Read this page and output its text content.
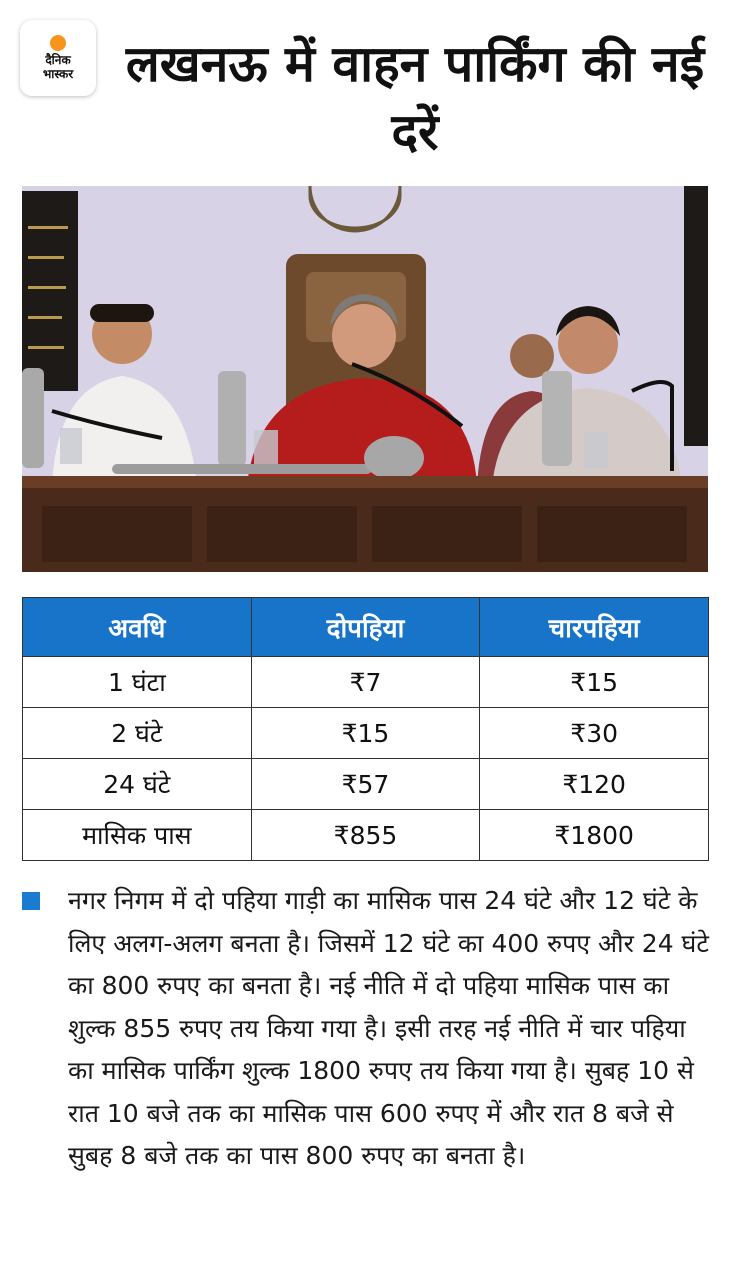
दैनिक
भास्कर	लखनऊ में वाहन पार्किंग की नई दरें
अवधि	दोपहिया	चारपहिया
1 घंटा	₹7	₹15
2 घंटे	₹15	₹30
24 घंटे	₹57	₹120
मासिक पास	₹855	₹1800
नगर निगम में दो पहिया गाड़ी का मासिक पास 24 घंटे और 12 घंटे के लिए अलग-अलग बनता है। जिसमें 12 घंटे का 400 रुपए और 24 घंटे का 800 रुपए का बनता है। नई नीति में दो पहिया मासिक पास का शुल्क 855 रुपए तय किया गया है। इसी तरह नई नीति में चार पहिया का मासिक पार्किंग शुल्क 1800 रुपए तय किया गया है। सुबह 10 से रात 10 बजे तक का मासिक पास 600 रुपए में और रात 8 बजे से सुबह 8 बजे तक का पास 800 रुपए का बनता है।
